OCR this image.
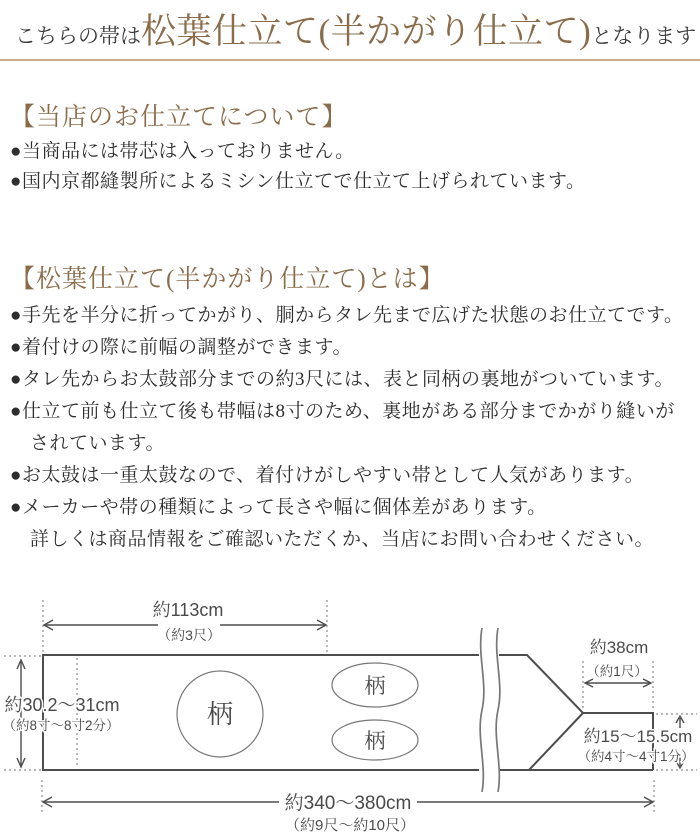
こちらの帯は松葉仕立て(半かがり仕立て)となります
【当店のお仕立てについて】
●当商品には帯芯は入っておりません。
●国内京都縫製所によるミシン仕立てで仕立て上げられています。
【松葉仕立て(半かがり仕立て)とは】
●手先を半分に折ってかがり、胴からタレ先まで広げた状態のお仕立てです。
●着付けの際に前幅の調整ができます。
●タレ先からお太鼓部分までの約3尺には、表と同柄の裏地がついています。
●仕立て前も仕立て後も帯幅は8寸のため、裏地がある部分までかがり縫いが
されています。
●お太鼓は一重太鼓なので、着付けがしやすい帯として人気があります。
●メーカーや帯の種類によって長さや幅に個体差があります。
詳しくは商品情報をご確認いただくか、当店にお問い合わせください。
約113cm
（約3尺）
約38cm
（約1尺）
約30.2〜31cm
（約8寸〜8寸2分）
約15〜15.5cm
（約4寸〜4寸1分）
約340〜380cm
（約9尺〜約10尺）
柄
柄
柄
